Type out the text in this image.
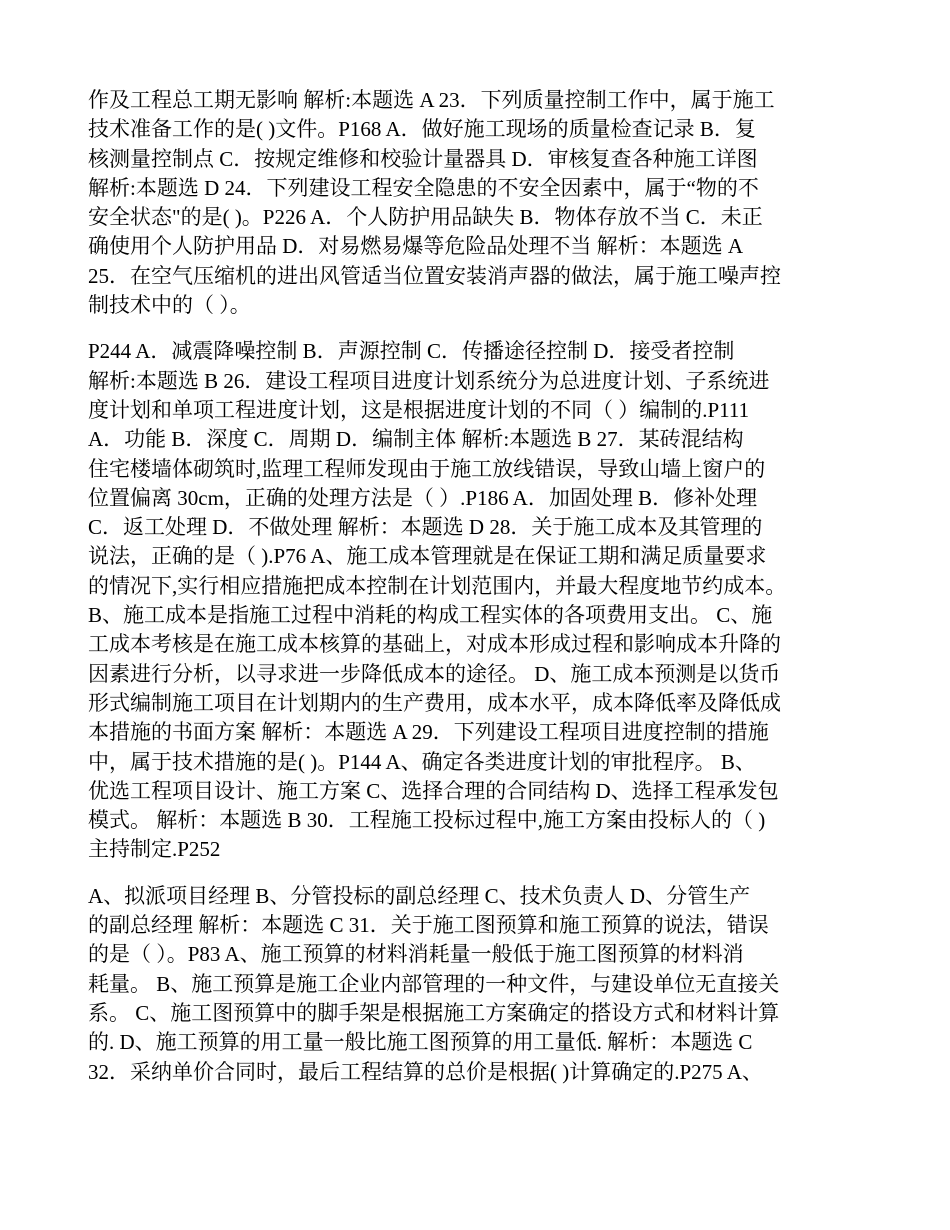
作及工程总工期无影响 解析:本题选 A 23．下列质量控制工作中，属于施工
技术准备工作的是( )文件。P168 A．做好施工现场的质量检查记录 B．复
核测量控制点 C．按规定维修和校验计量器具 D．审核复查各种施工详图
解析:本题选 D 24．下列建设工程安全隐患的不安全因素中，属于“物的不
安全状态"的是( )。P226 A．个人防护用品缺失 B．物体存放不当 C．未正
确使用个人防护用品 D．对易燃易爆等危险品处理不当 解析：本题选 A
25．在空气压缩机的进出风管适当位置安装消声器的做法，属于施工噪声控
制技术中的（ ）。
P244 A．减震降噪控制 B．声源控制 C．传播途径控制 D．接受者控制
解析:本题选 B 26．建设工程项目进度计划系统分为总进度计划、子系统进
度计划和单项工程进度计划，这是根据进度计划的不同（ ）编制的.P111
A．功能 B．深度 C．周期 D．编制主体 解析:本题选 B 27．某砖混结构
住宅楼墙体砌筑时,监理工程师发现由于施工放线错误，导致山墙上窗户的
位置偏离 30cm，正确的处理方法是（ ）.P186 A．加固处理 B．修补处理
C．返工处理 D．不做处理 解析：本题选 D 28．关于施工成本及其管理的
说法，正确的是（ ).P76 A、施工成本管理就是在保证工期和满足质量要求
的情况下,实行相应措施把成本控制在计划范围内，并最大程度地节约成本。
B、施工成本是指施工过程中消耗的构成工程实体的各项费用支出。 C、施
工成本考核是在施工成本核算的基础上，对成本形成过程和影响成本升降的
因素进行分析，以寻求进一步降低成本的途径。 D、施工成本预测是以货币
形式编制施工项目在计划期内的生产费用，成本水平，成本降低率及降低成
本措施的书面方案 解析：本题选 A 29．下列建设工程项目进度控制的措施
中，属于技术措施的是( )。P144 A、确定各类进度计划的审批程序。 B、
优选工程项目设计、施工方案 C、选择合理的合同结构 D、选择工程承发包
模式。 解析：本题选 B 30．工程施工投标过程中,施工方案由投标人的（ )
主持制定.P252
A、拟派项目经理 B、分管投标的副总经理 C、技术负责人 D、分管生产
的副总经理 解析：本题选 C 31．关于施工图预算和施工预算的说法，错误
的是（ ）。P83 A、施工预算的材料消耗量一般低于施工图预算的材料消
耗量。 B、施工预算是施工企业内部管理的一种文件，与建设单位无直接关
系。 C、施工图预算中的脚手架是根据施工方案确定的搭设方式和材料计算
的. D、施工预算的用工量一般比施工图预算的用工量低. 解析：本题选 C
32．采纳单价合同时，最后工程结算的总价是根据( )计算确定的.P275 A、
